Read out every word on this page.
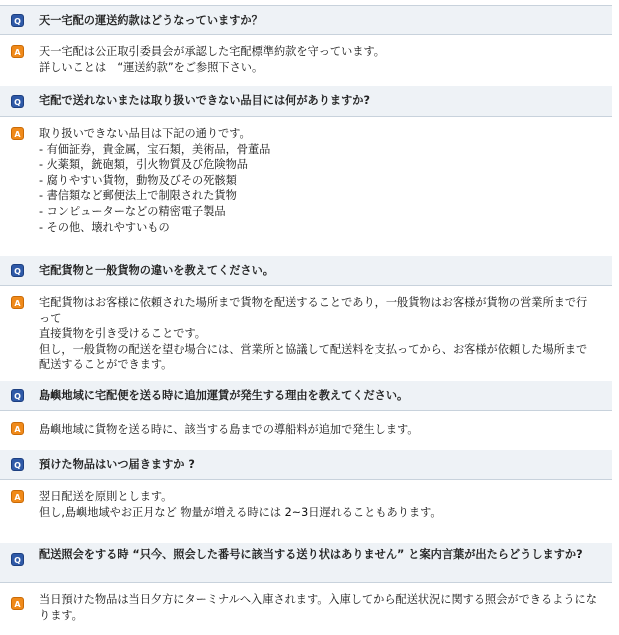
Q 天一宅配の運送約款はどうなっていますか？
A	天一宅配は公正取引委員会が承認した宅配標準約款を守っています。
詳しいことは　“運送約款”をご参照下さい。
Q 宅配で送れないまたは取り扱いできない品目には何がありますか?
A	取り扱いできない品目は下記の通りです。
- 有価証券，貴金属，宝石類，美術品，骨董品
- 火薬類，銃砲類，引火物質及び危険物品
- 腐りやすい貨物，動物及びその死骸類
- 書信類など郵便法上で制限された貨物
- コンピューターなどの精密電子製品
- その他、壊れやすいもの
Q 宅配貨物と一般貨物の違いを教えてください。
A	宅配貨物はお客様に依頼された場所まで貨物を配送することであり，一般貨物はお客様が貨物の営業所まで行って
直接貨物を引き受けることです。
但し，一般貨物の配送を望む場合には、営業所と協議して配送料を支払ってから、お客様が依頼した場所まで配送することができます。
Q 島嶼地域に宅配便を送る時に追加運賃が発生する理由を教えてください。
A	島嶼地域に貨物を送る時に、該当する島までの導船料が追加で発生します。
Q 預けた物品はいつ届きますか ?
A	翌日配送を原則とします。
但し,島嶼地域やお正月など 物量が増える時には 2~3日遅れることもあります。
Q 配送照会をする時 “只今、照会した番号に該当する送り状はありません” と案内言葉が出たらどうしますか?
A	当日預けた物品は当日夕方にターミナルへ入庫されます。入庫してから配送状況に関する照会ができるようになります。
